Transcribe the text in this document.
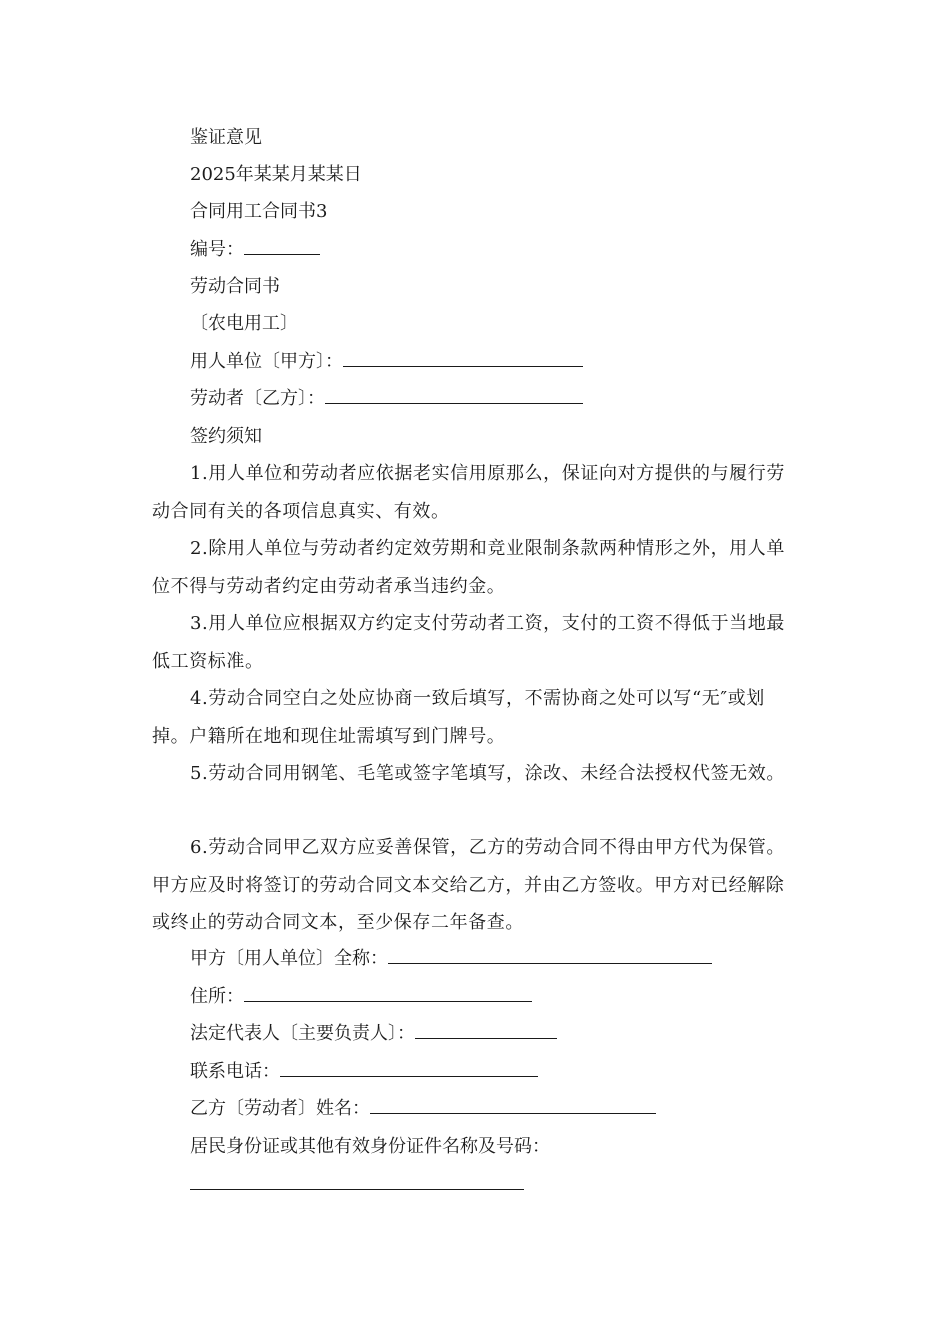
鉴证意见
2025年某某月某某日
合同用工合同书3
编号：
劳动合同书
〔农电用工〕
用人单位〔甲方〕：
劳动者〔乙方〕：
签约须知
1.用人单位和劳动者应依据老实信用原那么，保证向对方提供的与履行劳动合同有关的各项信息真实、有效。
2.除用人单位与劳动者约定效劳期和竞业限制条款两种情形之外，用人单位不得与劳动者约定由劳动者承当违约金。
3.用人单位应根据双方约定支付劳动者工资，支付的工资不得低于当地最低工资标准。
4.劳动合同空白之处应协商一致后填写，不需协商之处可以写“无″或划掉。户籍所在地和现住址需填写到门牌号。
5.劳动合同用钢笔、毛笔或签字笔填写，涂改、未经合法授权代签无效。
6.劳动合同甲乙双方应妥善保管，乙方的劳动合同不得由甲方代为保管。甲方应及时将签订的劳动合同文本交给乙方，并由乙方签收。甲方对已经解除或终止的劳动合同文本，至少保存二年备查。
甲方〔用人单位〕全称：
住所：
法定代表人〔主要负责人〕：
联系电话：
乙方〔劳动者〕姓名：
居民身份证或其他有效身份证件名称及号码：
